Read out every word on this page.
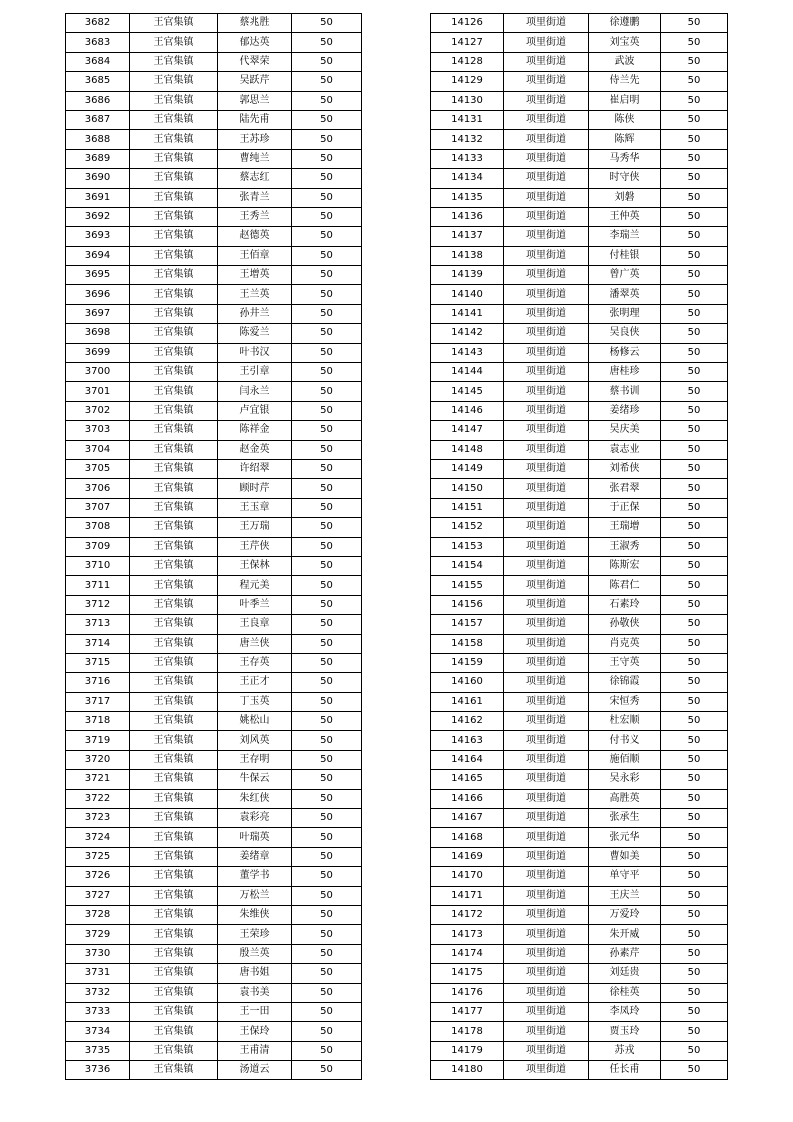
3682	王官集镇	蔡兆胜	50
3683	王官集镇	郁达英	50
3684	王官集镇	代翠荣	50
3685	王官集镇	吴跃芹	50
3686	王官集镇	郭思兰	50
3687	王官集镇	陆先甫	50
3688	王官集镇	王苏珍	50
3689	王官集镇	曹纯兰	50
3690	王官集镇	蔡志红	50
3691	王官集镇	张青兰	50
3692	王官集镇	王秀兰	50
3693	王官集镇	赵德英	50
3694	王官集镇	王佰章	50
3695	王官集镇	王增英	50
3696	王官集镇	王兰英	50
3697	王官集镇	孙井兰	50
3698	王官集镇	陈爱兰	50
3699	王官集镇	叶书汉	50
3700	王官集镇	王引章	50
3701	王官集镇	闫永兰	50
3702	王官集镇	卢宜银	50
3703	王官集镇	陈祥金	50
3704	王官集镇	赵金英	50
3705	王官集镇	许绍翠	50
3706	王官集镇	顾时芹	50
3707	王官集镇	王玉章	50
3708	王官集镇	王万瑞	50
3709	王官集镇	王芹侠	50
3710	王官集镇	王保林	50
3711	王官集镇	程元美	50
3712	王官集镇	叶季兰	50
3713	王官集镇	王良章	50
3714	王官集镇	唐兰侠	50
3715	王官集镇	王存英	50
3716	王官集镇	王正才	50
3717	王官集镇	丁玉英	50
3718	王官集镇	姚松山	50
3719	王官集镇	刘风英	50
3720	王官集镇	王存明	50
3721	王官集镇	牛保云	50
3722	王官集镇	朱红侠	50
3723	王官集镇	袁彩亮	50
3724	王官集镇	叶瑞英	50
3725	王官集镇	姜绪章	50
3726	王官集镇	董学书	50
3727	王官集镇	万松兰	50
3728	王官集镇	朱维侠	50
3729	王官集镇	王荣珍	50
3730	王官集镇	殷兰英	50
3731	王官集镇	唐书姐	50
3732	王官集镇	袁书美	50
3733	王官集镇	王一田	50
3734	王官集镇	王保玲	50
3735	王官集镇	王甫清	50
3736	王官集镇	汤道云	50
14126	项里街道	徐遵鹏	50
14127	项里街道	刘宝英	50
14128	项里街道	武波	50
14129	项里街道	侍兰先	50
14130	项里街道	崔启明	50
14131	项里街道	陈侠	50
14132	项里街道	陈辉	50
14133	项里街道	马秀华	50
14134	项里街道	时守侠	50
14135	项里街道	刘磐	50
14136	项里街道	王仲英	50
14137	项里街道	李瑞兰	50
14138	项里街道	付桂银	50
14139	项里街道	曾广英	50
14140	项里街道	潘翠英	50
14141	项里街道	张明理	50
14142	项里街道	吴良侠	50
14143	项里街道	杨修云	50
14144	项里街道	唐桂珍	50
14145	项里街道	蔡书训	50
14146	项里街道	姜绪珍	50
14147	项里街道	吴庆美	50
14148	项里街道	袁志业	50
14149	项里街道	刘希侠	50
14150	项里街道	张君翠	50
14151	项里街道	于正保	50
14152	项里街道	王瑞增	50
14153	项里街道	王淑秀	50
14154	项里街道	陈斯宏	50
14155	项里街道	陈君仁	50
14156	项里街道	石素玲	50
14157	项里街道	孙敬侠	50
14158	项里街道	肖克英	50
14159	项里街道	王守英	50
14160	项里街道	徐锦霞	50
14161	项里街道	宋恒秀	50
14162	项里街道	杜宏顺	50
14163	项里街道	付书义	50
14164	项里街道	施佰顺	50
14165	项里街道	吴永彩	50
14166	项里街道	高胜英	50
14167	项里街道	张承生	50
14168	项里街道	张元华	50
14169	项里街道	曹如美	50
14170	项里街道	单守平	50
14171	项里街道	王庆兰	50
14172	项里街道	万爱玲	50
14173	项里街道	朱开威	50
14174	项里街道	孙素芹	50
14175	项里街道	刘廷贵	50
14176	项里街道	徐桂英	50
14177	项里街道	李凤玲	50
14178	项里街道	贾玉玲	50
14179	项里街道	苏戎	50
14180	项里街道	任长甫	50
